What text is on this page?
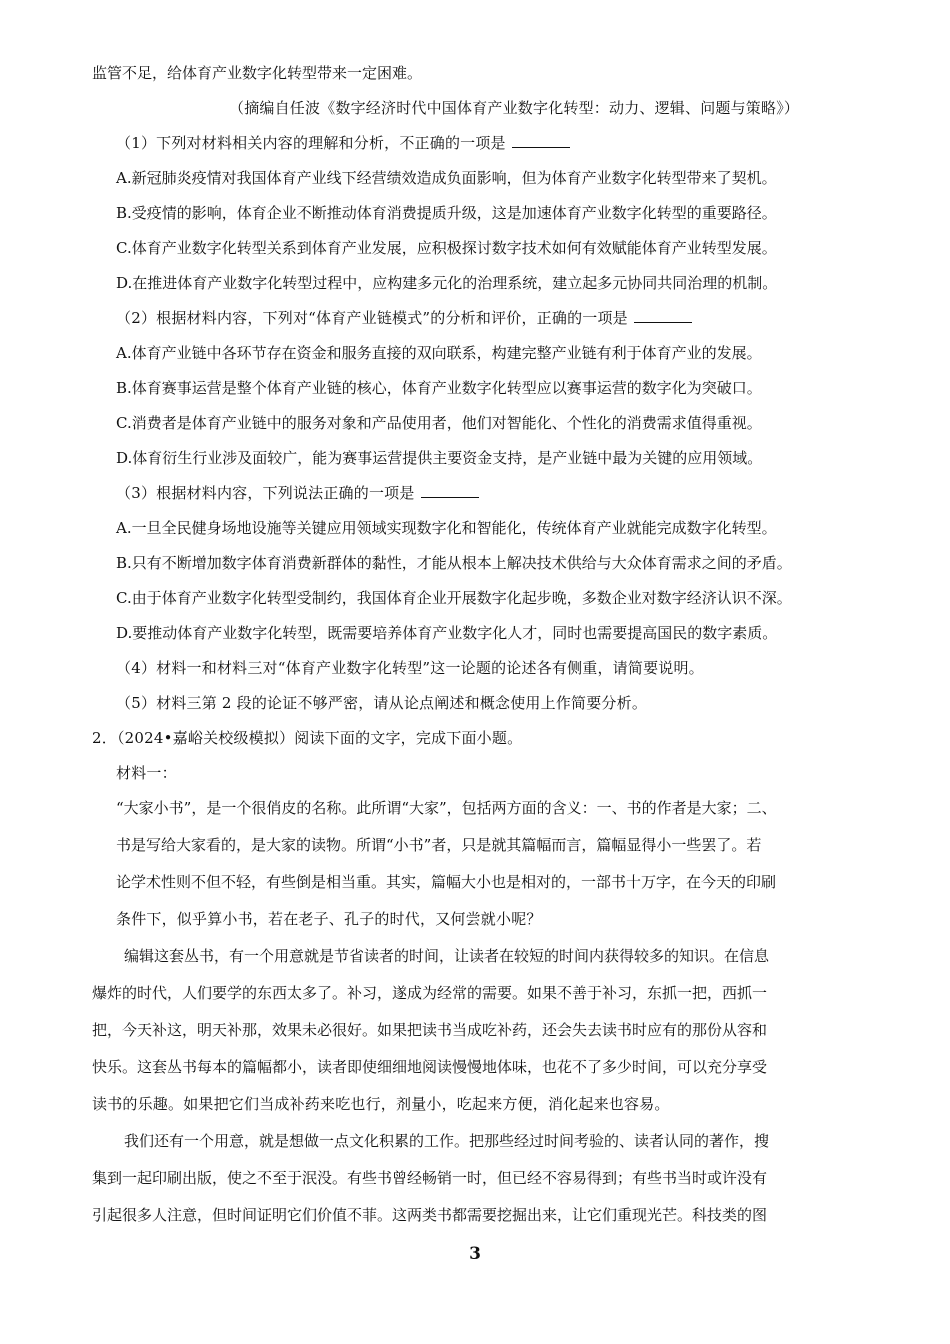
监管不足，给体育产业数字化转型带来一定困难。
（摘编自任波《数字经济时代中国体育产业数字化转型：动力、逻辑、问题与策略》）
（1）下列对材料相关内容的理解和分析，不正确的一项是
A.新冠肺炎疫情对我国体育产业线下经营绩效造成负面影响，但为体育产业数字化转型带来了契机。
B.受疫情的影响，体育企业不断推动体育消费提质升级，这是加速体育产业数字化转型的重要路径。
C.体育产业数字化转型关系到体育产业发展，应积极探讨数字技术如何有效赋能体育产业转型发展。
D.在推进体育产业数字化转型过程中，应构建多元化的治理系统，建立起多元协同共同治理的机制。
（2）根据材料内容，下列对“体育产业链模式”的分析和评价，正确的一项是
A.体育产业链中各环节存在资金和服务直接的双向联系，构建完整产业链有利于体育产业的发展。
B.体育赛事运营是整个体育产业链的核心，体育产业数字化转型应以赛事运营的数字化为突破口。
C.消费者是体育产业链中的服务对象和产品使用者，他们对智能化、个性化的消费需求值得重视。
D.体育衍生行业涉及面较广，能为赛事运营提供主要资金支持，是产业链中最为关键的应用领域。
（3）根据材料内容，下列说法正确的一项是
A.一旦全民健身场地设施等关键应用领域实现数字化和智能化，传统体育产业就能完成数字化转型。
B.只有不断增加数字体育消费新群体的黏性，才能从根本上解决技术供给与大众体育需求之间的矛盾。
C.由于体育产业数字化转型受制约，我国体育企业开展数字化起步晚，多数企业对数字经济认识不深。
D.要推动体育产业数字化转型，既需要培养体育产业数字化人才，同时也需要提高国民的数字素质。
（4）材料一和材料三对“体育产业数字化转型”这一论题的论述各有侧重，请简要说明。
（5）材料三第 2 段的论证不够严密，请从论点阐述和概念使用上作简要分析。
2．（2024•嘉峪关校级模拟）阅读下面的文字，完成下面小题。
材料一：
“大家小书”，是一个很俏皮的名称。此所谓“大家”，包括两方面的含义：一、书的作者是大家；二、
书是写给大家看的，是大家的读物。所谓“小书”者，只是就其篇幅而言，篇幅显得小一些罢了。若
论学术性则不但不轻，有些倒是相当重。其实，篇幅大小也是相对的，一部书十万字，在今天的印刷
条件下，似乎算小书，若在老子、孔子的时代，又何尝就小呢？
编辑这套丛书，有一个用意就是节省读者的时间，让读者在较短的时间内获得较多的知识。在信息
爆炸的时代，人们要学的东西太多了。补习，遂成为经常的需要。如果不善于补习，东抓一把，西抓一
把，今天补这，明天补那，效果未必很好。如果把读书当成吃补药，还会失去读书时应有的那份从容和
快乐。这套丛书每本的篇幅都小，读者即使细细地阅读慢慢地体味，也花不了多少时间，可以充分享受
读书的乐趣。如果把它们当成补药来吃也行，剂量小，吃起来方便，消化起来也容易。
我们还有一个用意，就是想做一点文化积累的工作。把那些经过时间考验的、读者认同的著作，搜
集到一起印刷出版，使之不至于泯没。有些书曾经畅销一时，但已经不容易得到；有些书当时或许没有
引起很多人注意，但时间证明它们价值不菲。这两类书都需要挖掘出来，让它们重现光芒。科技类的图
3
